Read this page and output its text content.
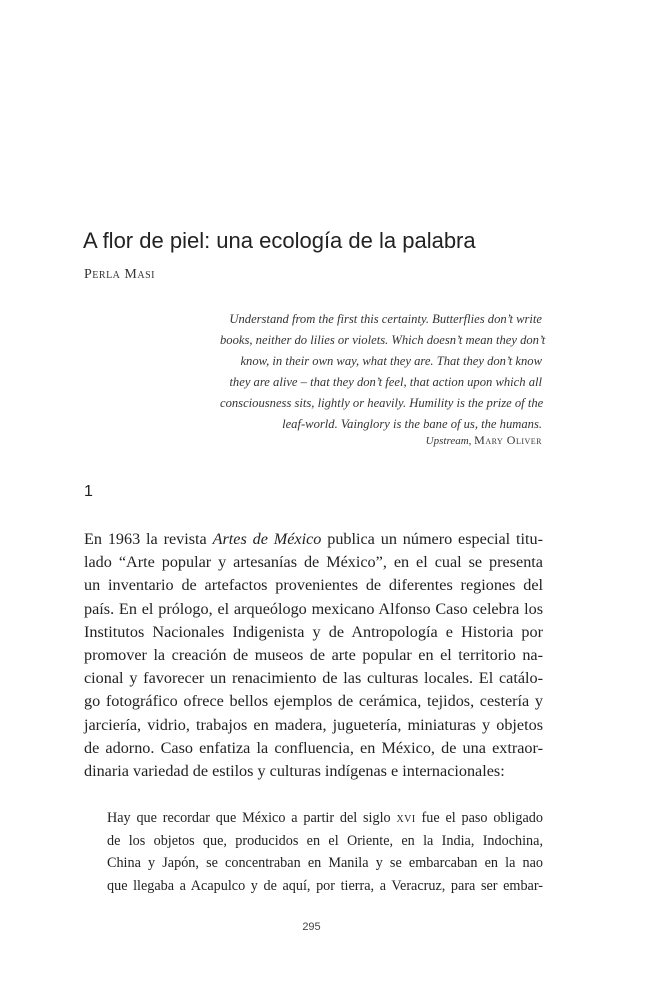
A flor de piel: una ecología de la palabra
Perla Masi
Understand from the first this certainty. Butterflies don’t write
books, neither do lilies or violets. Which doesn’t mean they don’t
know, in their own way, what they are. That they don’t know
they are alive – that they don’t feel, that action upon which all
consciousness sits, lightly or heavily. Humility is the prize of the
leaf-world. Vainglory is the bane of us, the humans.
Upstream, Mary Oliver
1
En 1963 la revista Artes de México publica un número especial titu-
lado “Arte popular y artesanías de México”, en el cual se presenta
un inventario de artefactos provenientes de diferentes regiones del
país. En el prólogo, el arqueólogo mexicano Alfonso Caso celebra los
Institutos Nacionales Indigenista y de Antropología e Historia por
promover la creación de museos de arte popular en el territorio na-
cional y favorecer un renacimiento de las culturas locales. El catálo-
go fotográfico ofrece bellos ejemplos de cerámica, tejidos, cestería y
jarciería, vidrio, trabajos en madera, juguetería, miniaturas y objetos
de adorno. Caso enfatiza la confluencia, en México, de una extraor-
dinaria variedad de estilos y culturas indígenas e internacionales:
Hay que recordar que México a partir del siglo xvi fue el paso obligado
de los objetos que, producidos en el Oriente, en la India, Indochina,
China y Japón, se concentraban en Manila y se embarcaban en la nao
que llegaba a Acapulco y de aquí, por tierra, a Veracruz, para ser embar-
295
